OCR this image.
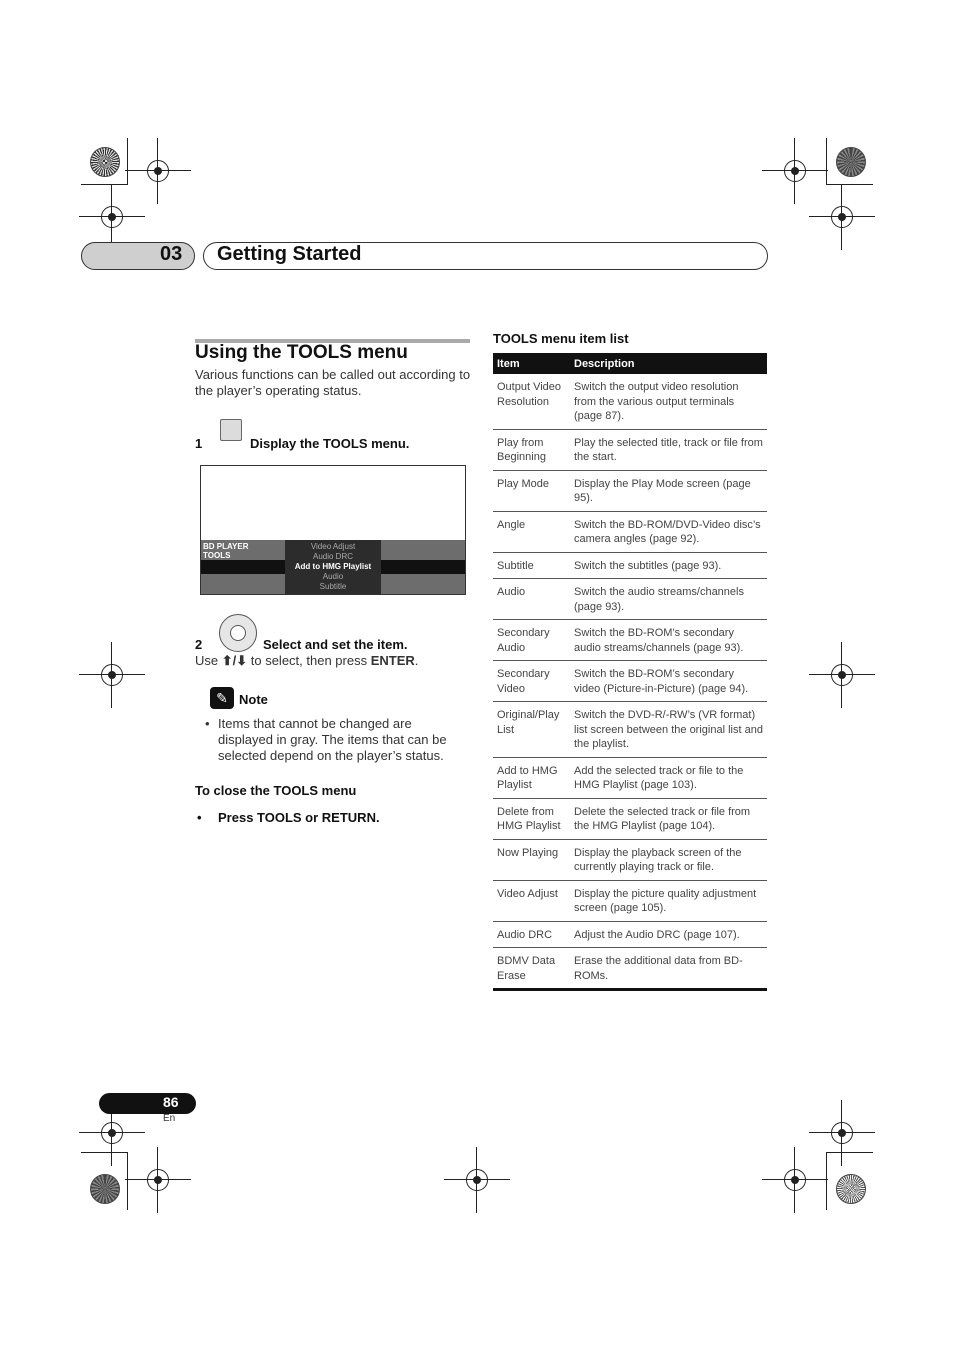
03 Getting Started
Using the TOOLS menu
Various functions can be called out according to the player’s operating status.
1	Display the TOOLS menu.
BD PLAYER
TOOLS
Video Adjust
Audio DRC
Add to HMG Playlist
Audio
Subtitle
2	Select and set the item.
Use ⬆/⬇ to select, then press ENTER.
✎ Note
• Items that cannot be changed are displayed in gray. The items that can be selected depend on the player’s status.
To close the TOOLS menu
• Press TOOLS or RETURN.
TOOLS menu item list
Item	Description
Output Video Resolution	Switch the output video resolution from the various output terminals (page 87).
Play from Beginning	Play the selected title, track or file from the start.
Play Mode	Display the Play Mode screen (page 95).
Angle	Switch the BD-ROM/DVD-Video disc’s camera angles (page 92).
Subtitle	Switch the subtitles (page 93).
Audio	Switch the audio streams/channels (page 93).
Secondary Audio	Switch the BD-ROM’s secondary audio streams/channels (page 93).
Secondary Video	Switch the BD-ROM’s secondary video (Picture-in-Picture) (page 94).
Original/Play List	Switch the DVD-R/-RW’s (VR format) list screen between the original list and the playlist.
Add to HMG Playlist	Add the selected track or file to the HMG Playlist (page 103).
Delete from HMG Playlist	Delete the selected track or file from the HMG Playlist (page 104).
Now Playing	Display the playback screen of the currently playing track or file.
Video Adjust	Display the picture quality adjustment screen (page 105).
Audio DRC	Adjust the Audio DRC (page 107).
BDMV Data Erase	Erase the additional data from BD-ROMs.
86
En
